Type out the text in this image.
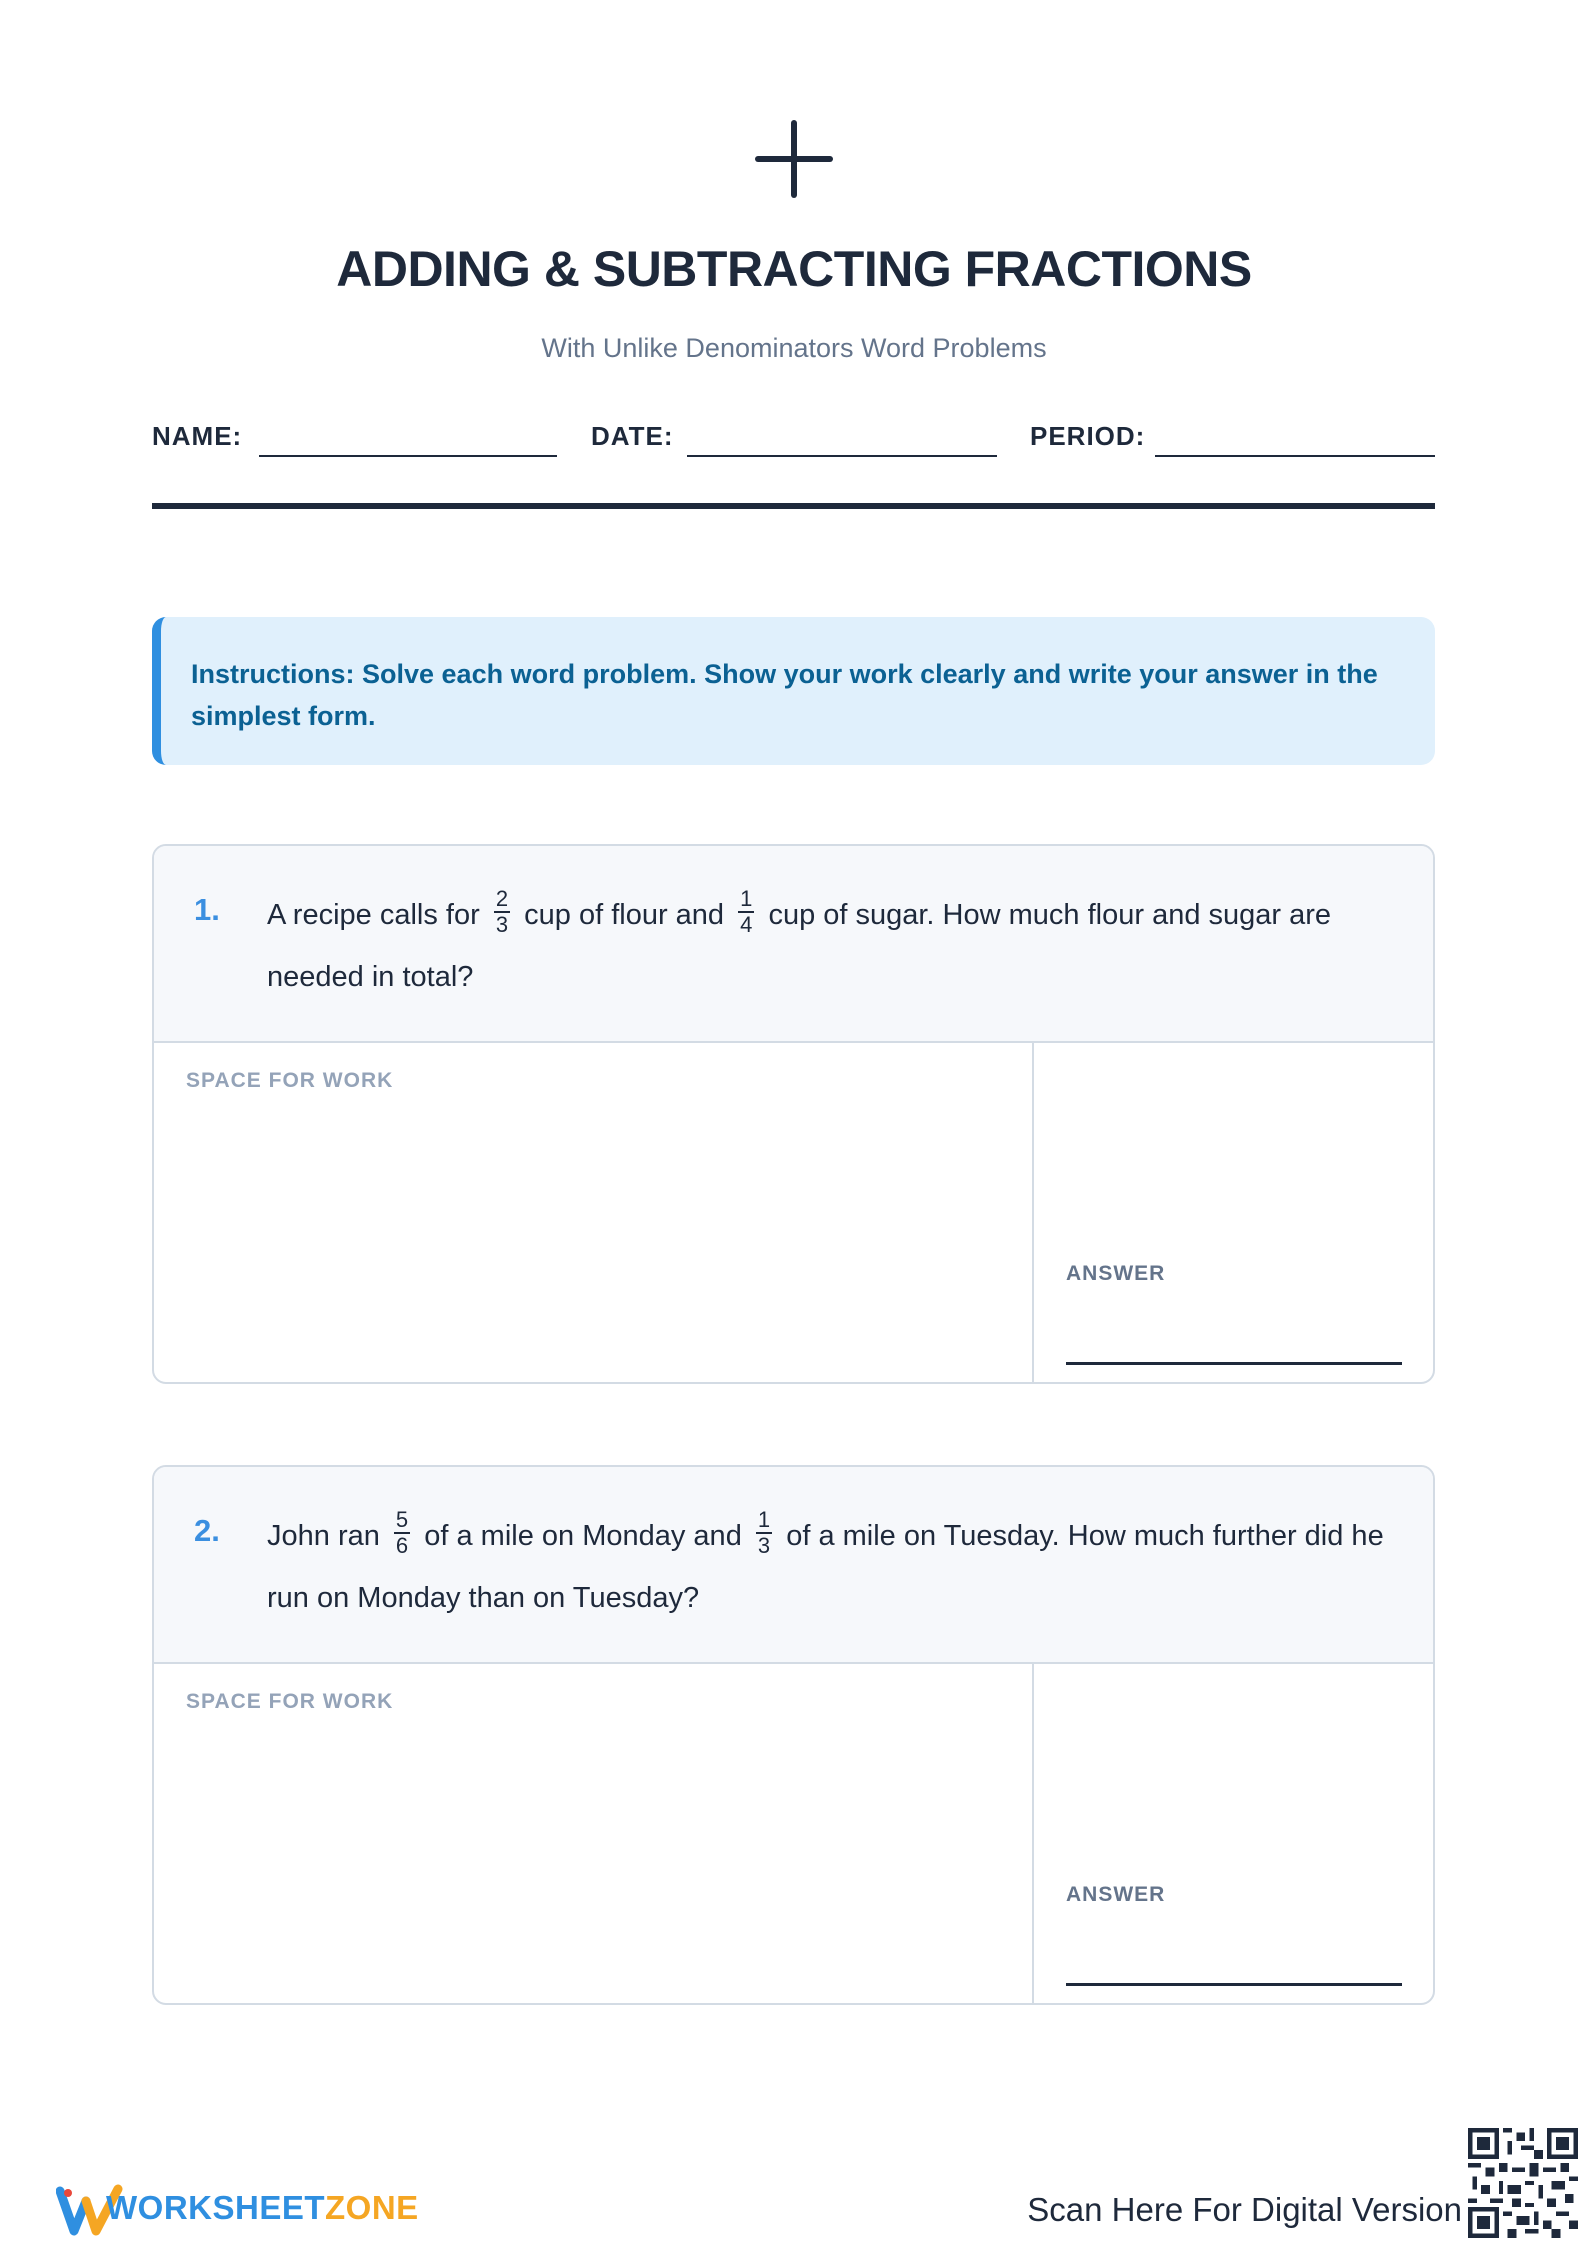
ADDING & SUBTRACTING FRACTIONS
With Unlike Denominators Word Problems
NAME:	DATE:	PERIOD:
Instructions: Solve each word problem. Show your work clearly and write your answer in the simplest form.
1. A recipe calls for $\frac{2}{3}$ cup of flour and $\frac{1}{4}$ cup of sugar. How much flour and sugar are needed in total?
SPACE FOR WORK
ANSWER
2. John ran $\frac{5}{6}$ of a mile on Monday and $\frac{1}{3}$ of a mile on Tuesday. How much further did he run on Monday than on Tuesday?
SPACE FOR WORK
ANSWER
WORKSHEETZONE	Scan Here For Digital Version
